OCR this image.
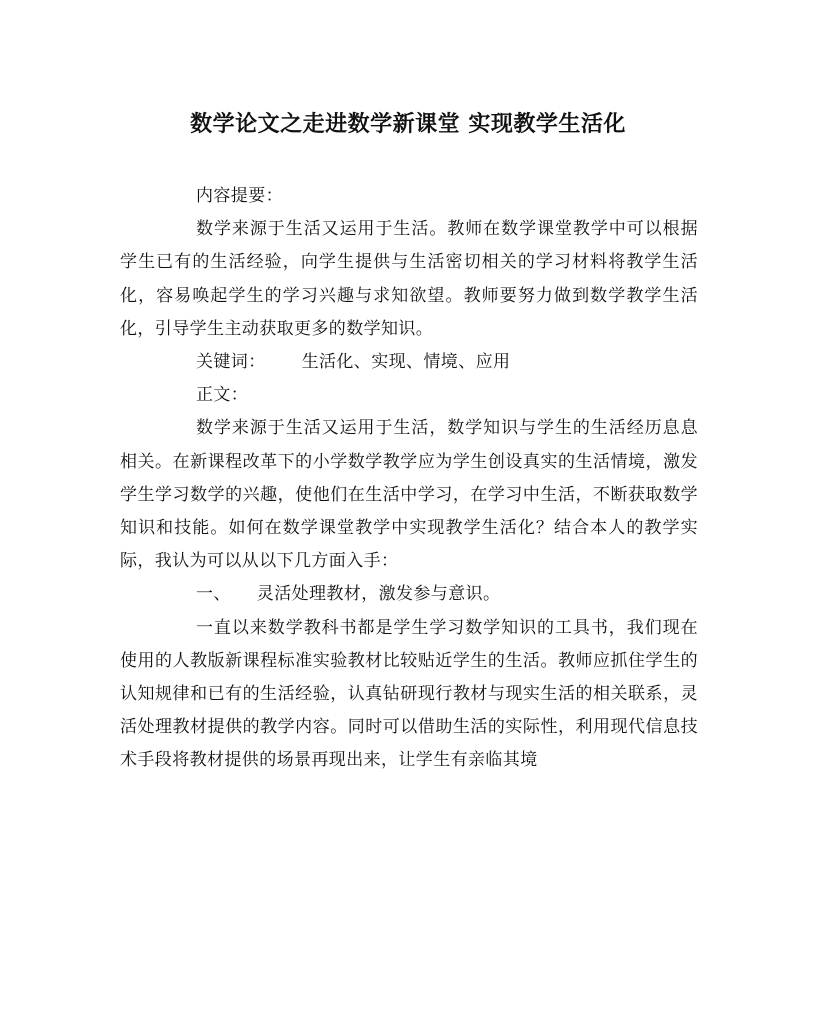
数学论文之走进数学新课堂 实现教学生活化

内容提要：

数学来源于生活又运用于生活。教师在数学课堂教学中可以根据学生已有的生活经验，向学生提供与生活密切相关的学习材料将教学生活化，容易唤起学生的学习兴趣与求知欲望。教师要努力做到数学教学生活化，引导学生主动获取更多的数学知识。

关键词： 生活化、实现、情境、应用

正文：

数学来源于生活又运用于生活，数学知识与学生的生活经历息息相关。在新课程改革下的小学数学教学应为学生创设真实的生活情境，激发学生学习数学的兴趣，使他们在生活中学习，在学习中生活，不断获取数学知识和技能。如何在数学课堂教学中实现教学生活化？结合本人的教学实际，我认为可以从以下几方面入手：

一、 灵活处理教材，激发参与意识。

一直以来数学教科书都是学生学习数学知识的工具书，我们现在使用的人教版新课程标准实验教材比较贴近学生的生活。教师应抓住学生的认知规律和已有的生活经验，认真钻研现行教材与现实生活的相关联系，灵活处理教材提供的教学内容。同时可以借助生活的实际性，利用现代信息技术手段将教材提供的场景再现出来，让学生有亲临其境
